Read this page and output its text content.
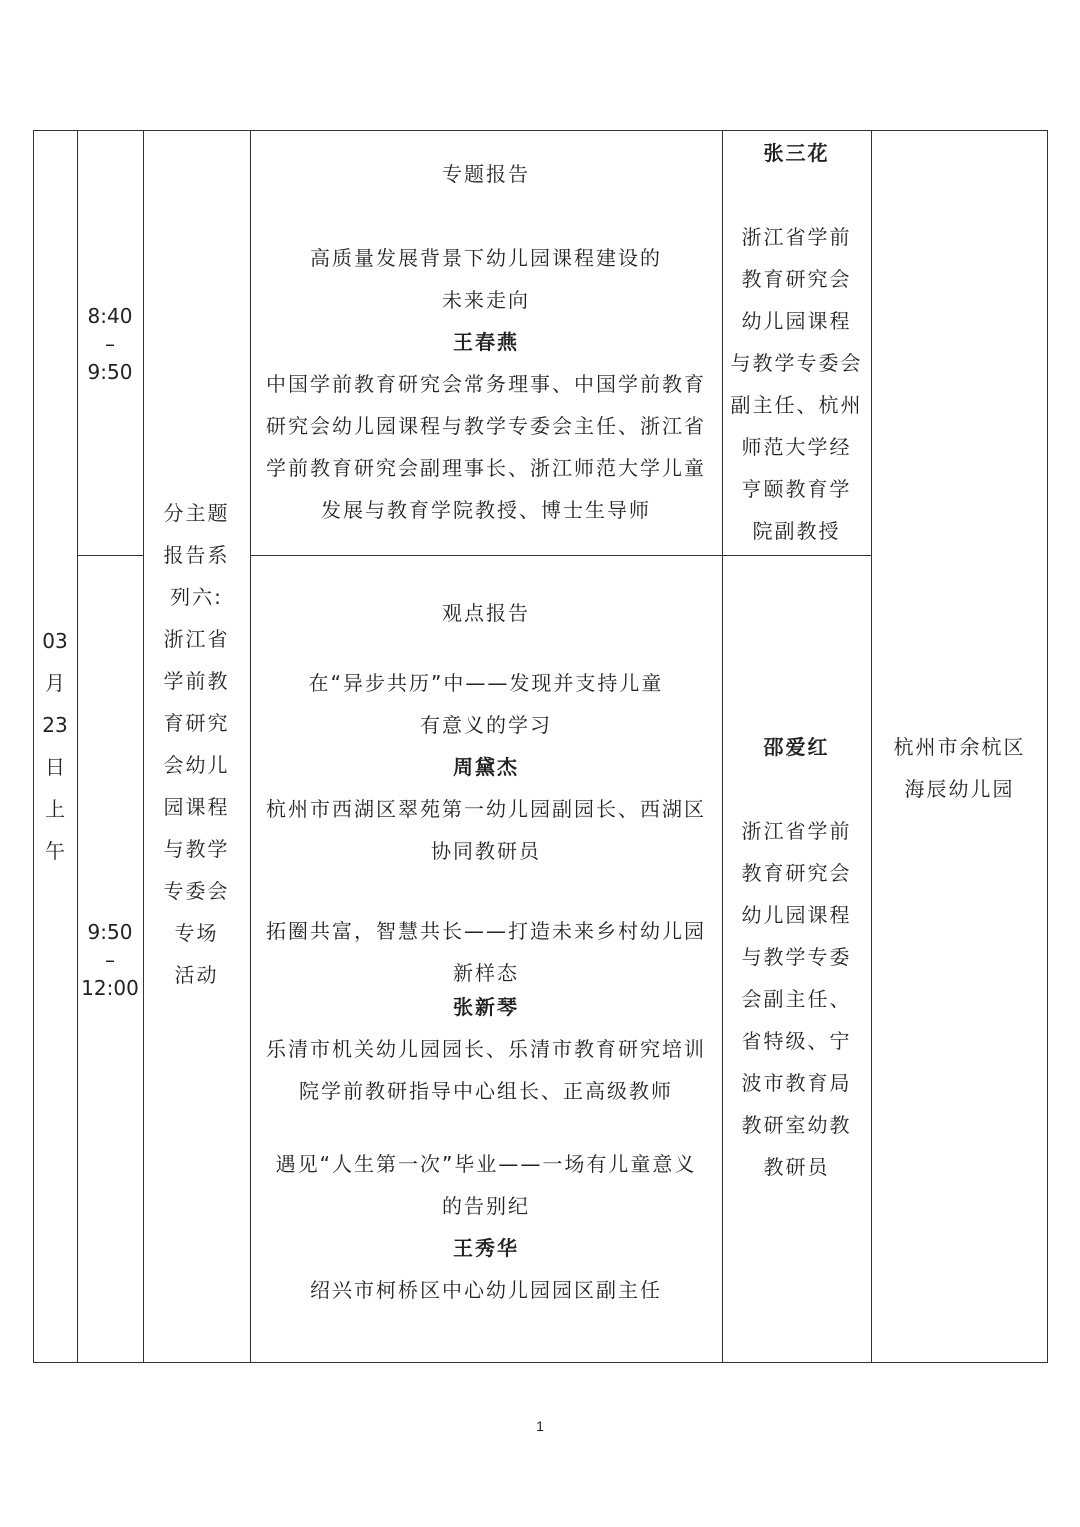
03
月
23
日
上
午
8:40
–
9:50
9:50
–
12:00
分主题
报告系
列六:
浙江省
学前教
育研究
会幼儿
园课程
与教学
专委会
专场
活动
专题报告
高质量发展背景下幼儿园课程建设的
未来走向
王春燕
中国学前教育研究会常务理事、中国学前教育
研究会幼儿园课程与教学专委会主任、浙江省
学前教育研究会副理事长、浙江师范大学儿童
发展与教育学院教授、博士生导师
张三花
浙江省学前
教育研究会
幼儿园课程
与教学专委会
副主任、杭州
师范大学经
亨颐教育学
院副教授
观点报告
在“异步共历”中——发现并支持儿童
有意义的学习
周黛杰
杭州市西湖区翠苑第一幼儿园副园长、西湖区
协同教研员
拓圈共富，智慧共长——打造未来乡村幼儿园
新样态
张新琴
乐清市机关幼儿园园长、乐清市教育研究培训
院学前教研指导中心组长、正高级教师
遇见“人生第一次”毕业——一场有儿童意义
的告别纪
王秀华
绍兴市柯桥区中心幼儿园园区副主任
邵爱红
浙江省学前
教育研究会
幼儿园课程
与教学专委
会副主任、
省特级、宁
波市教育局
教研室幼教
教研员
杭州市余杭区
海辰幼儿园
1
